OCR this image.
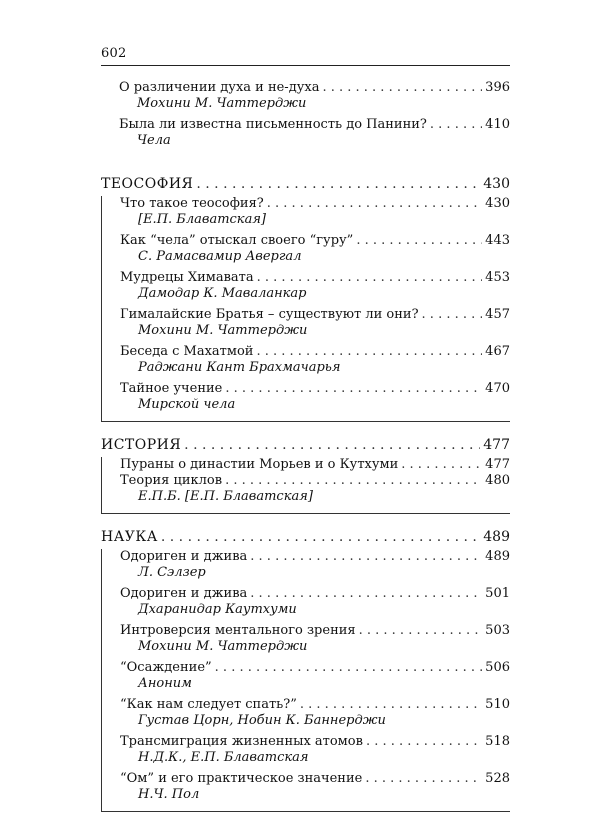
602
О различении духа и не-духа . . .	396
Мохини М. Чаттерджи
Была ли известна письменность до Панини? . . .	410
Чела
ТЕОСОФИЯ . . .	430
Что такое теософия? . . .	430
[Е.П. Блаватская]
Как “чела” отыскал своего “гуру” . . .	443
С. Рамасвамир Авергал
Мудрецы Химавата . . .	453
Дамодар К. Маваланкар
Гималайские Братья – существуют ли они? . . .	457
Мохини М. Чаттерджи
Беседа с Махатмой . . .	467
Раджани Кант Брахмачарья
Тайное учение . . .	470
Мирской чела
ИСТОРИЯ . . .	477
Пураны о династии Морьев и о Кутхуми . . .	477
Теория циклов . . .	480
Е.П.Б. [Е.П. Блаватская]
НАУКА . . .	489
Одориген и джива . . .	489
Л. Сэлзер
Одориген и джива . . .	501
Дхаранидар Каутхуми
Интроверсия ментального зрения . . .	503
Мохини М. Чаттерджи
“Осаждение” . . .	506
Аноним
“Как нам следует спать?” . . .	510
Густав Цорн, Нобин К. Баннерджи
Трансмиграция жизненных атомов . . .	518
Н.Д.К., Е.П. Блаватская
“Ом” и его практическое значение . . .	528
Н.Ч. Пол
